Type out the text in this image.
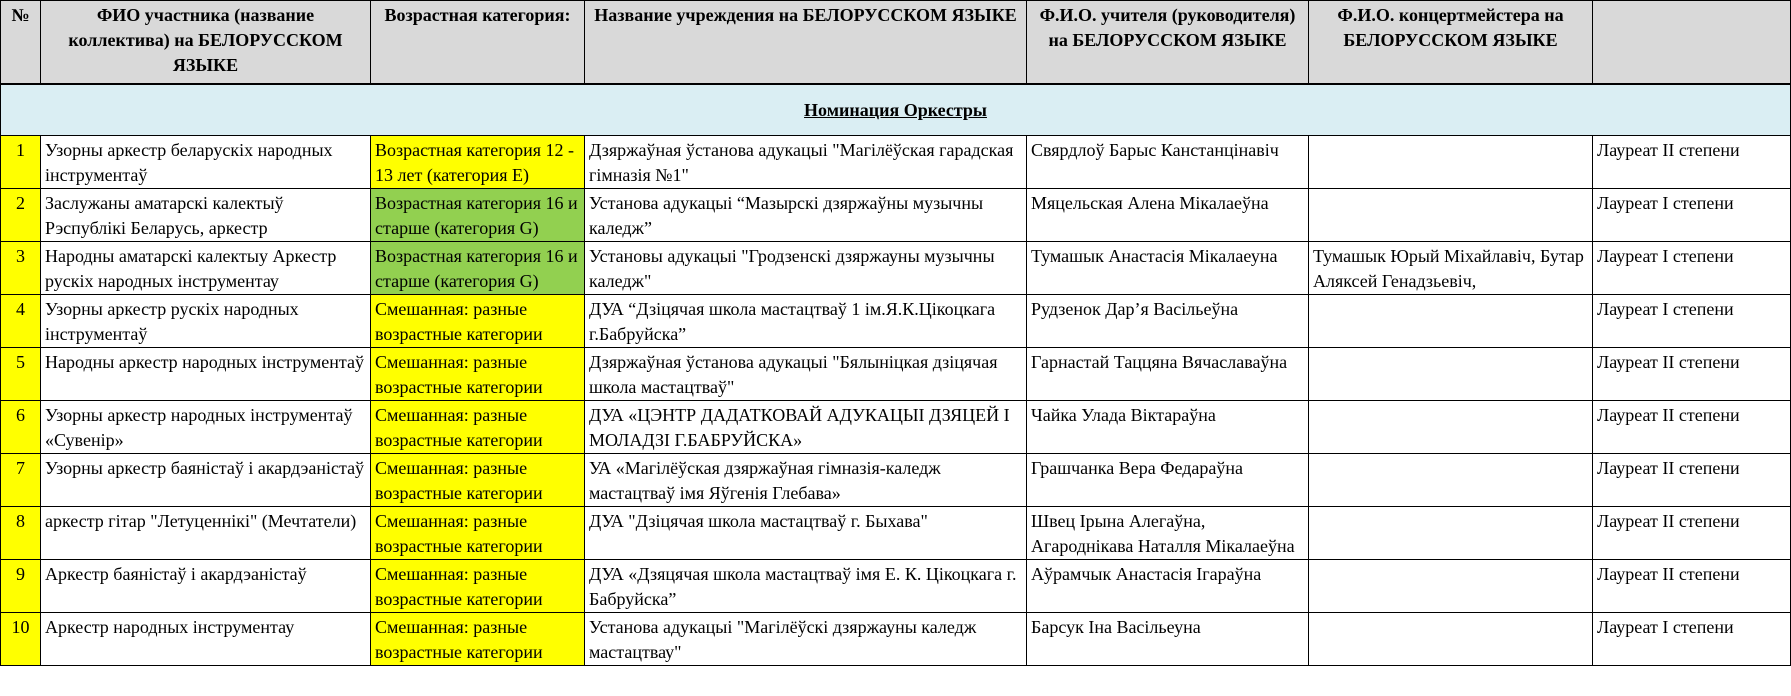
№	ФИО участника (название коллектива) на БЕЛОРУССКОМ ЯЗЫКЕ	Возрастная категория:	Название учреждения на БЕЛОРУССКОМ ЯЗЫКЕ	Ф.И.О. учителя (руководителя) на БЕЛОРУССКОМ ЯЗЫКЕ	Ф.И.О. концертмейстера на БЕЛОРУССКОМ ЯЗЫКЕ	
Номинация Оркестры						
1	Узорны аркестр беларускіх народных інструментаў	Возрастная категория 12 - 13 лет (категория Е)	Дзяржаўная ўстанова адукацыі "Магілёўская гарадская гімназія №1"	Свярдлоў Барыс Канстанцінавіч		Лауреат II степени
2	Заслужаны аматарскі калектыў Рэспублікі Беларусь, аркестр	Возрастная категория 16 и старше (категория G)	Установа адукацыі “Мазырскі дзяржаўны музычны каледж”	Мяцельская Алена Мікалаеўна		Лауреат I степени
3	Народны аматарскі калектыу Аркестр рускіх народных інструментау	Возрастная категория 16 и старше (категория G)	Установы адукацыі "Гродзенскі дзяржауны музычны каледж"	Тумашык Анастасія Мікалаеуна	Тумашык Юрый Міхайлавіч, Бутар Аляксей Генадзьевіч,	Лауреат I степени
4	Узорны аркестр рускіх народных інструментаў	Смешанная: разные возрастные категории	ДУА “Дзіцячая школа мастацтваў 1 ім.Я.К.Цікоцкага г.Бабруйска”	Рудзенок Дар’я Васільеўна		Лауреат I степени
5	Народны аркестр народных інструментаў	Смешанная: разные возрастные категории	Дзяржаўная ўстанова адукацыі "Бялыніцкая дзіцячая школа мастацтваў"	Гарнастай Таццяна Вячаславаўна		Лауреат II степени
6	Узорны аркестр народных інструментаў «Сувенір»	Смешанная: разные возрастные категории	ДУА «ЦЭНТР ДАДАТКОВАЙ АДУКАЦЫІ ДЗЯЦЕЙ І МОЛАДЗІ Г.БАБРУЙСКА»	Чайка Улада Віктараўна		Лауреат II степени
7	Узорны аркестр баяністаў і акардэаністаў	Смешанная: разные возрастные категории	УА «Магілёўская дзяржаўная гімназія-каледж мастацтваў імя Яўгенія Глебава»	Грашчанка Вера Федараўна		Лауреат II степени
8	аркестр гітар "Летуценнікі" (Мечтатели)	Смешанная: разные возрастные категории	ДУА "Дзіцячая школа мастацтваў г. Быхава"	Швец Ірына Алегаўна, Агароднікава Наталля Мікалаеўна		Лауреат II степени
9	Аркестр баяністаў і акардэаністаў	Смешанная: разные возрастные категории	ДУА «Дзяцячая школа мастацтваў імя Е. К. Цікоцкага г. Бабруйска”	Аўрамчык Анастасія Ігараўна		Лауреат II степени
10	Аркестр народных інструментау	Смешанная: разные возрастные категории	Установа адукацыі "Магілёўскі дзяржауны каледж мастацтвау"	Барсук Іна Васільеуна		Лауреат I степени
